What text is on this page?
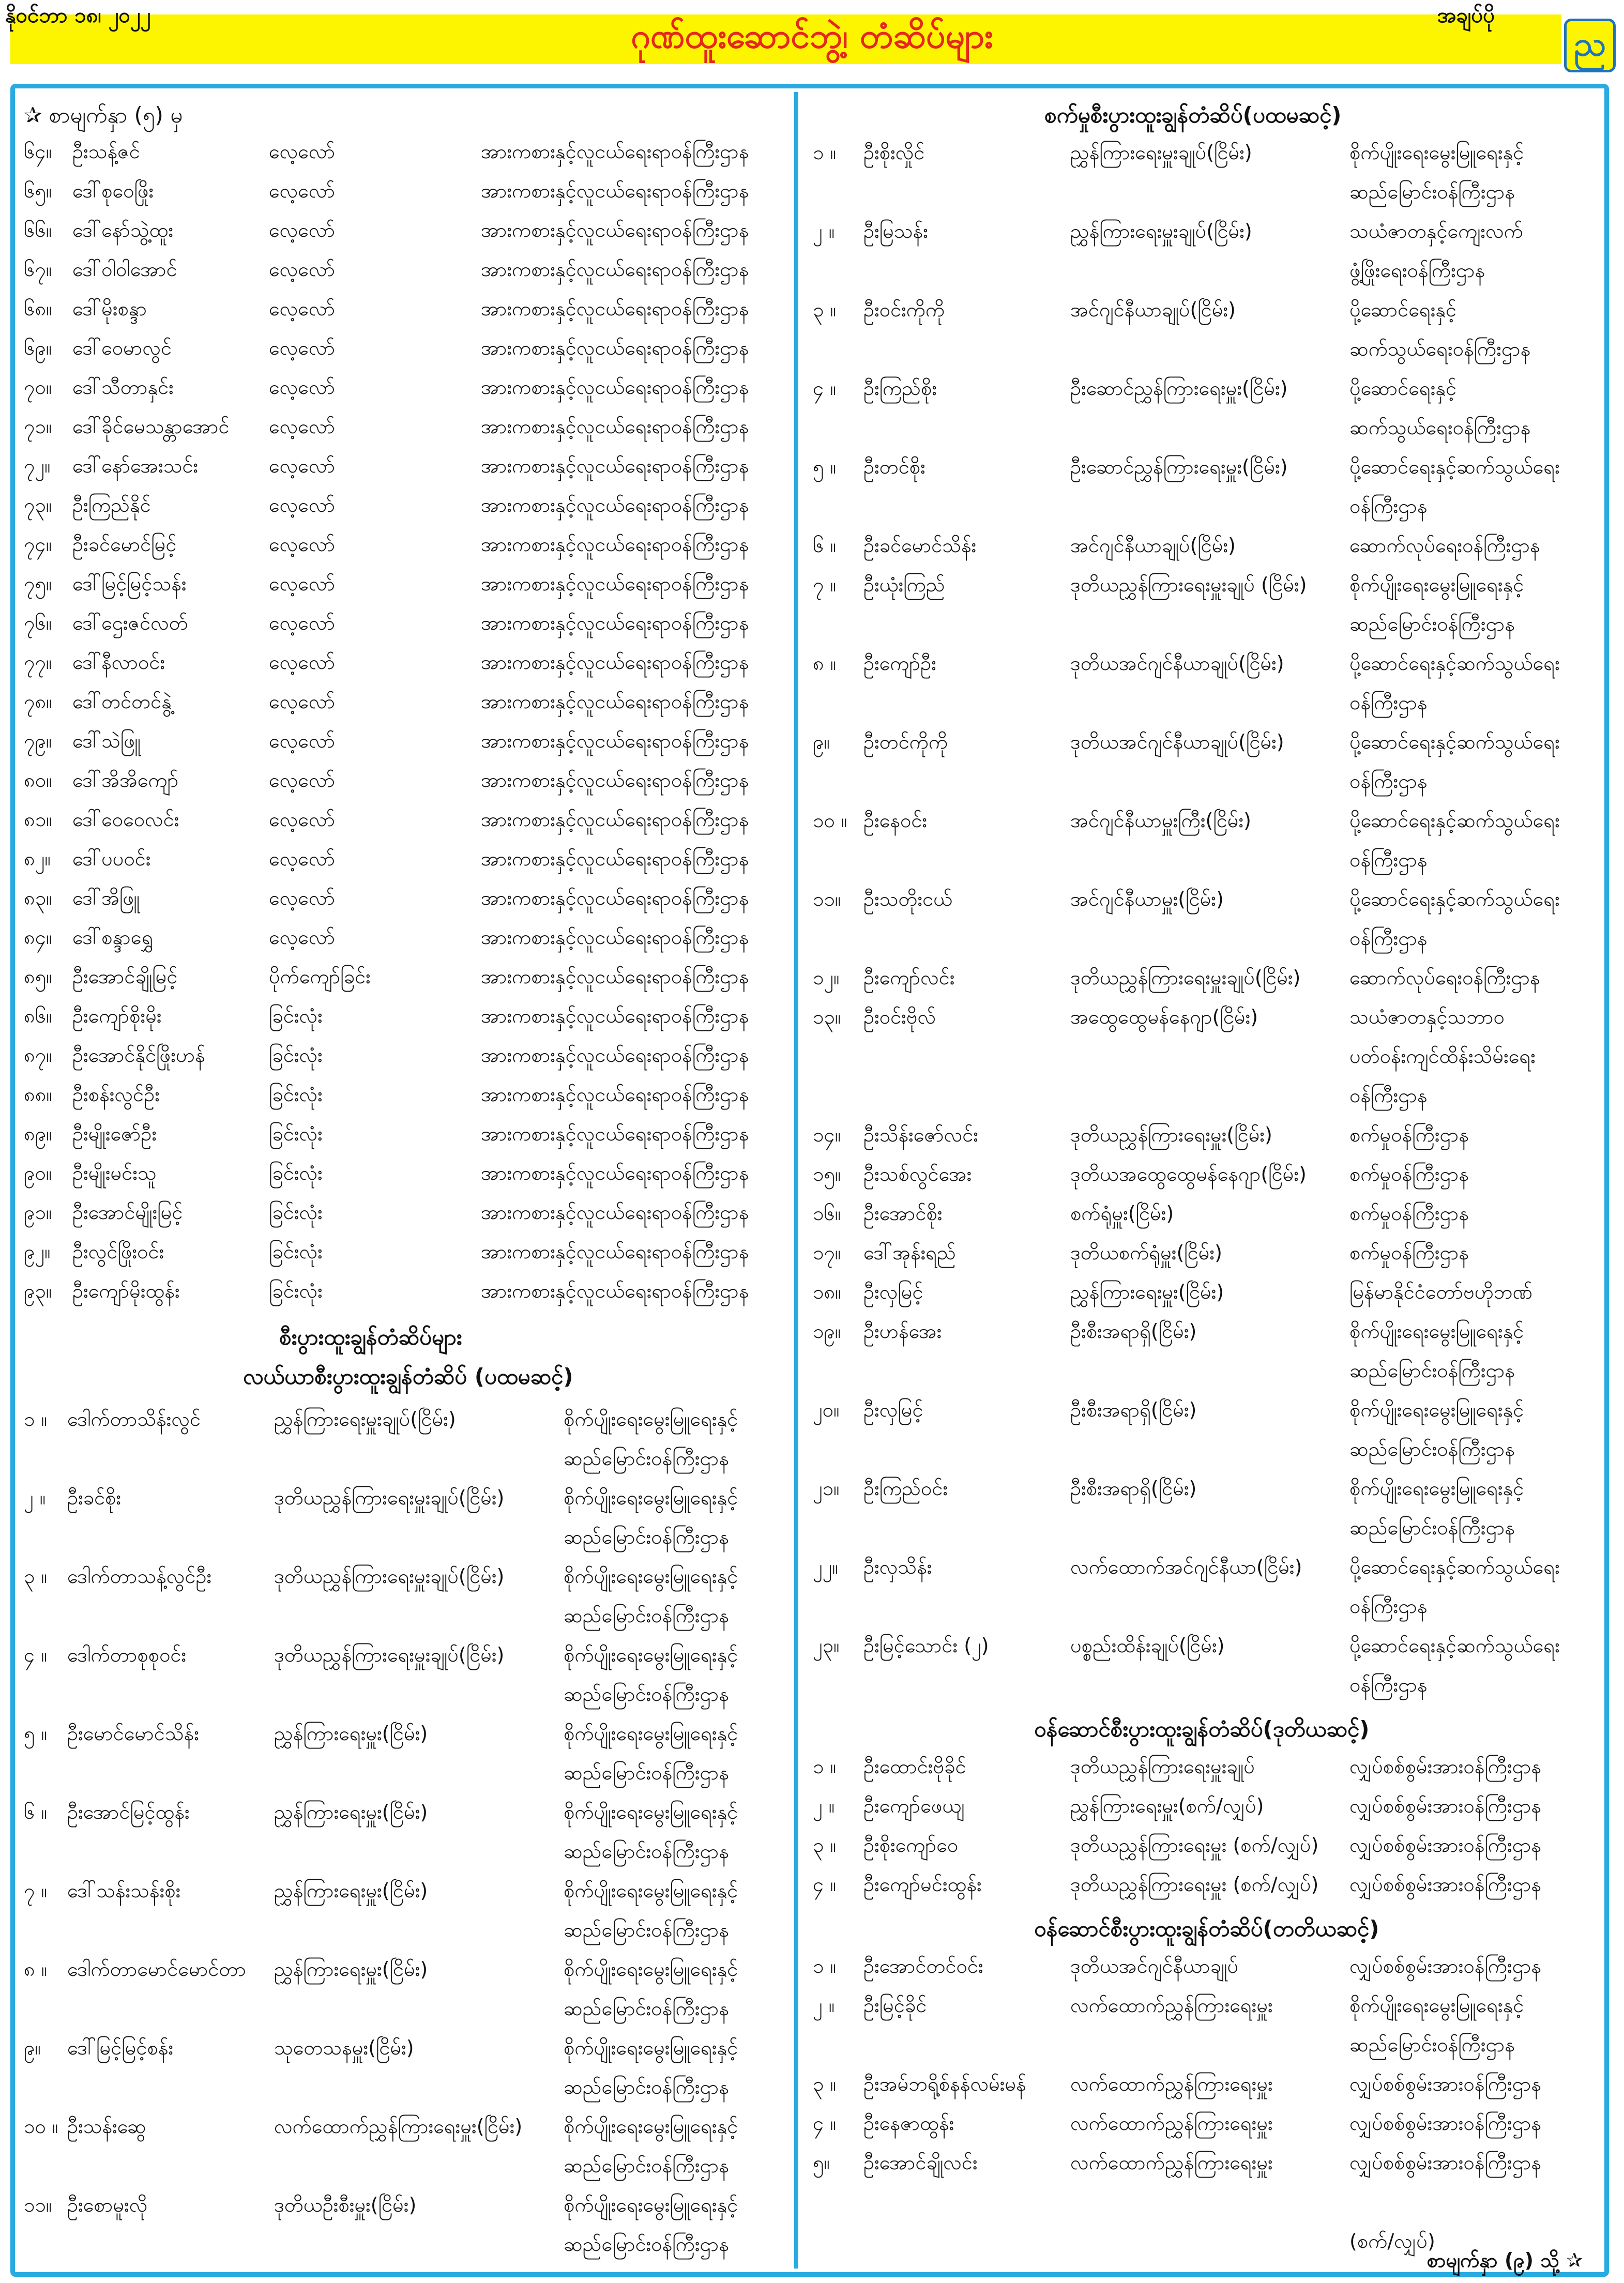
နိုဝင်ဘာ ၁၈၊ ၂၀၂၂
ဂုဏ်ထူးဆောင်ဘွဲ့၊ တံဆိပ်များ
အချပ်ပို
ည
✰ စာမျက်နှာ (၅) မှ
၆၄။ ဦးသန့်ဇင်	လေ့လော်	အားကစားနှင့်လူငယ်ရေးရာဝန်ကြီးဌာန
၆၅။ ဒေါ်စုဝေဖြိုး	လေ့လော်	အားကစားနှင့်လူငယ်ရေးရာဝန်ကြီးဌာန
၆၆။ ဒေါ်နော်သွဲ့ထူး	လေ့လော်	အားကစားနှင့်လူငယ်ရေးရာဝန်ကြီးဌာန
၆၇။ ဒေါ်ဝါဝါအောင်	လေ့လော်	အားကစားနှင့်လူငယ်ရေးရာဝန်ကြီးဌာန
၆၈။ ဒေါ်မိုးစန္ဒာ	လေ့လော်	အားကစားနှင့်လူငယ်ရေးရာဝန်ကြီးဌာန
၆၉။ ဒေါ်ဝေမာလွင်	လေ့လော်	အားကစားနှင့်လူငယ်ရေးရာဝန်ကြီးဌာန
၇၀။ ဒေါ်သီတာနှင်း	လေ့လော်	အားကစားနှင့်လူငယ်ရေးရာဝန်ကြီးဌာန
၇၁။ ဒေါ်ခိုင်မေသန္တာအောင် လေ့လော်	အားကစားနှင့်လူငယ်ရေးရာဝန်ကြီးဌာန
၇၂။ ဒေါ်နော်အေးသင်း	လေ့လော်	အားကစားနှင့်လူငယ်ရေးရာဝန်ကြီးဌာန
၇၃။ ဦးကြည်နိုင်	လေ့လော်	အားကစားနှင့်လူငယ်ရေးရာဝန်ကြီးဌာန
၇၄။ ဦးခင်မောင်မြင့်	လေ့လော်	အားကစားနှင့်လူငယ်ရေးရာဝန်ကြီးဌာန
၇၅။ ဒေါ်မြင့်မြင့်သန်း	လေ့လော်	အားကစားနှင့်လူငယ်ရေးရာဝန်ကြီးဌာန
၇၆။ ဒေါ်ဌေးဇင်လတ်	လေ့လော်	အားကစားနှင့်လူငယ်ရေးရာဝန်ကြီးဌာန
၇၇။ ဒေါ်နီလာဝင်း	လေ့လော်	အားကစားနှင့်လူငယ်ရေးရာဝန်ကြီးဌာန
၇၈။ ဒေါ်တင်တင်နွဲ့	လေ့လော်	အားကစားနှင့်လူငယ်ရေးရာဝန်ကြီးဌာန
၇၉။ ဒေါ်သဲဖြူ	လေ့လော်	အားကစားနှင့်လူငယ်ရေးရာဝန်ကြီးဌာန
၈၀။ ဒေါ်အိအိကျော်	လေ့လော်	အားကစားနှင့်လူငယ်ရေးရာဝန်ကြီးဌာန
၈၁။ ဒေါ်ဝေဝေလင်း	လေ့လော်	အားကစားနှင့်လူငယ်ရေးရာဝန်ကြီးဌာန
၈၂။ ဒေါ်ပပဝင်း	လေ့လော်	အားကစားနှင့်လူငယ်ရေးရာဝန်ကြီးဌာန
၈၃။ ဒေါ်အိဖြူ	လေ့လော်	အားကစားနှင့်လူငယ်ရေးရာဝန်ကြီးဌာန
၈၄။ ဒေါ်စန္ဒာရွှေ	လေ့လော်	အားကစားနှင့်လူငယ်ရေးရာဝန်ကြီးဌာန
၈၅။ ဦးအောင်ချိုမြင့်	ပိုက်ကျော်ခြင်း	အားကစားနှင့်လူငယ်ရေးရာဝန်ကြီးဌာန
၈၆။ ဦးကျော်စိုးမိုး	ခြင်းလုံး	အားကစားနှင့်လူငယ်ရေးရာဝန်ကြီးဌာန
၈၇။ ဦးအောင်နိုင်ဖြိုးဟန်	ခြင်းလုံး	အားကစားနှင့်လူငယ်ရေးရာဝန်ကြီးဌာန
၈၈။ ဦးစန်းလွင်ဦး	ခြင်းလုံး	အားကစားနှင့်လူငယ်ရေးရာဝန်ကြီးဌာန
၈၉။ ဦးမျိုးဇော်ဦး	ခြင်းလုံး	အားကစားနှင့်လူငယ်ရေးရာဝန်ကြီးဌာန
၉၀။ ဦးမျိုးမင်းသူ	ခြင်းလုံး	အားကစားနှင့်လူငယ်ရေးရာဝန်ကြီးဌာန
၉၁။ ဦးအောင်မျိုးမြင့်	ခြင်းလုံး	အားကစားနှင့်လူငယ်ရေးရာဝန်ကြီးဌာန
၉၂။ ဦးလွင်ဖြိုးဝင်း	ခြင်းလုံး	အားကစားနှင့်လူငယ်ရေးရာဝန်ကြီးဌာန
၉၃။ ဦးကျော်မိုးထွန်း	ခြင်းလုံး	အားကစားနှင့်လူငယ်ရေးရာဝန်ကြီးဌာန
စီးပွားထူးချွန်တံဆိပ်များ
လယ်ယာစီးပွားထူးချွန်တံဆိပ် (ပထမဆင့်)
၁ ။ ဒေါက်တာသိန်းလွင်	ညွှန်ကြားရေးမှူးချုပ်(ငြိမ်း)	စိုက်ပျိုးရေးမွေးမြူရေးနှင့်
ဆည်မြောင်းဝန်ကြီးဌာန
၂ ။ ဦးခင်စိုး	ဒုတိယညွှန်ကြားရေးမှူးချုပ်(ငြိမ်း)	စိုက်ပျိုးရေးမွေးမြူရေးနှင့်
ဆည်မြောင်းဝန်ကြီးဌာန
၃ ။ ဒေါက်တာသန့်လွင်ဦး	ဒုတိယညွှန်ကြားရေးမှူးချုပ်(ငြိမ်း)	စိုက်ပျိုးရေးမွေးမြူရေးနှင့်
ဆည်မြောင်းဝန်ကြီးဌာန
၄ ။ ဒေါက်တာစုစုဝင်း	ဒုတိယညွှန်ကြားရေးမှူးချုပ်(ငြိမ်း)	စိုက်ပျိုးရေးမွေးမြူရေးနှင့်
ဆည်မြောင်းဝန်ကြီးဌာန
၅ ။ ဦးမောင်မောင်သိန်း	ညွှန်ကြားရေးမှူး(ငြိမ်း)	စိုက်ပျိုးရေးမွေးမြူရေးနှင့်
ဆည်မြောင်းဝန်ကြီးဌာန
၆ ။ ဦးအောင်မြင့်ထွန်း	ညွှန်ကြားရေးမှူး(ငြိမ်း)	စိုက်ပျိုးရေးမွေးမြူရေးနှင့်
ဆည်မြောင်းဝန်ကြီးဌာန
၇ ။ ဒေါ်သန်းသန်းစိုး	ညွှန်ကြားရေးမှူး(ငြိမ်း)	စိုက်ပျိုးရေးမွေးမြူရေးနှင့်
ဆည်မြောင်းဝန်ကြီးဌာန
၈ ။ ဒေါက်တာမောင်မောင်တာ ညွှန်ကြားရေးမှူး(ငြိမ်း)	စိုက်ပျိုးရေးမွေးမြူရေးနှင့်
ဆည်မြောင်းဝန်ကြီးဌာန
၉။ ဒေါ်မြင့်မြင့်စန်း	သုတေသနမှူး(ငြိမ်း)	စိုက်ပျိုးရေးမွေးမြူရေးနှင့်
ဆည်မြောင်းဝန်ကြီးဌာန
၁၀ ။ ဦးသန်းဆွေ	လက်ထောက်ညွှန်ကြားရေးမှူး(ငြိမ်း) စိုက်ပျိုးရေးမွေးမြူရေးနှင့်
ဆည်မြောင်းဝန်ကြီးဌာန
၁၁။ ဦးစောမူးလို	ဒုတိယဦးစီးမှူး(ငြိမ်း)	စိုက်ပျိုးရေးမွေးမြူရေးနှင့်
ဆည်မြောင်းဝန်ကြီးဌာန
စက်မှုစီးပွားထူးချွန်တံဆိပ်(ပထမဆင့်)
၁ ။ ဦးစိုးလှိုင်	ညွှန်ကြားရေးမှူးချုပ်(ငြိမ်း)	စိုက်ပျိုးရေးမွေးမြူရေးနှင့်
ဆည်မြောင်းဝန်ကြီးဌာန
၂ ။ ဦးမြသန်း	ညွှန်ကြားရေးမှူးချုပ်(ငြိမ်း)	သယံဇာတနှင့်ကျေးလက်
ဖွံ့ဖြိုးရေးဝန်ကြီးဌာန
၃ ။ ဦးဝင်းကိုကို	အင်ဂျင်နီယာချုပ်(ငြိမ်း)	ပို့ဆောင်ရေးနှင့်
ဆက်သွယ်ရေးဝန်ကြီးဌာန
၄ ။ ဦးကြည်စိုး	ဦးဆောင်ညွှန်ကြားရေးမှူး(ငြိမ်း)	ပို့ဆောင်ရေးနှင့်
ဆက်သွယ်ရေးဝန်ကြီးဌာန
၅ ။ ဦးတင်စိုး	ဦးဆောင်ညွှန်ကြားရေးမှူး(ငြိမ်း)	ပို့ဆောင်ရေးနှင့်ဆက်သွယ်ရေး
ဝန်ကြီးဌာန
၆ ။ ဦးခင်မောင်သိန်း	အင်ဂျင်နီယာချုပ်(ငြိမ်း)	ဆောက်လုပ်ရေးဝန်ကြီးဌာန
၇ ။ ဦးယုံးကြည်	ဒုတိယညွှန်ကြားရေးမှူးချုပ် (ငြိမ်း) စိုက်ပျိုးရေးမွေးမြူရေးနှင့်
ဆည်မြောင်းဝန်ကြီးဌာန
၈ ။ ဦးကျော်ဦး	ဒုတိယအင်ဂျင်နီယာချုပ်(ငြိမ်း)	ပို့ဆောင်ရေးနှင့်ဆက်သွယ်ရေး
ဝန်ကြီးဌာန
၉။ ဦးတင်ကိုကို	ဒုတိယအင်ဂျင်နီယာချုပ်(ငြိမ်း)	ပို့ဆောင်ရေးနှင့်ဆက်သွယ်ရေး
ဝန်ကြီးဌာန
၁၀ ။ ဦးနေဝင်း	အင်ဂျင်နီယာမှူးကြီး(ငြိမ်း)	ပို့ဆောင်ရေးနှင့်ဆက်သွယ်ရေး
ဝန်ကြီးဌာန
၁၁။ ဦးသတိုးငယ်	အင်ဂျင်နီယာမှူး(ငြိမ်း)	ပို့ဆောင်ရေးနှင့်ဆက်သွယ်ရေး
ဝန်ကြီးဌာန
၁၂။ ဦးကျော်လင်း	ဒုတိယညွှန်ကြားရေးမှူးချုပ်(ငြိမ်း) ဆောက်လုပ်ရေးဝန်ကြီးဌာန
၁၃။ ဦးဝင်းဗိုလ်	အထွေထွေမန်နေဂျာ(ငြိမ်း)	သယံဇာတနှင့်သဘာဝ
ပတ်ဝန်းကျင်ထိန်းသိမ်းရေး
ဝန်ကြီးဌာန
၁၄။ ဦးသိန်းဇော်လင်း	ဒုတိယညွှန်ကြားရေးမှူး(ငြိမ်း)	စက်မှုဝန်ကြီးဌာန
၁၅။ ဦးသစ်လွင်အေး	ဒုတိယအထွေထွေမန်နေဂျာ(ငြိမ်း) စက်မှုဝန်ကြီးဌာန
၁၆။ ဦးအောင်စိုး	စက်ရုံမှူး(ငြိမ်း)	စက်မှုဝန်ကြီးဌာန
၁၇။ ဒေါ်အုန်းရည်	ဒုတိယစက်ရုံမှူး(ငြိမ်း)	စက်မှုဝန်ကြီးဌာန
၁၈။ ဦးလှမြင့်	ညွှန်ကြားရေးမှူး(ငြိမ်း)	မြန်မာနိုင်ငံတော်ဗဟိုဘဏ်
၁၉။ ဦးဟန်အေး	ဦးစီးအရာရှိ(ငြိမ်း)	စိုက်ပျိုးရေးမွေးမြူရေးနှင့်
ဆည်မြောင်းဝန်ကြီးဌာန
၂၀။ ဦးလှမြင့်	ဦးစီးအရာရှိ(ငြိမ်း)	စိုက်ပျိုးရေးမွေးမြူရေးနှင့်
ဆည်မြောင်းဝန်ကြီးဌာန
၂၁။ ဦးကြည်ဝင်း	ဦးစီးအရာရှိ(ငြိမ်း)	စိုက်ပျိုးရေးမွေးမြူရေးနှင့်
ဆည်မြောင်းဝန်ကြီးဌာန
၂၂။ ဦးလှသိန်း	လက်ထောက်အင်ဂျင်နီယာ(ငြိမ်း) ပို့ဆောင်ရေးနှင့်ဆက်သွယ်ရေး
ဝန်ကြီးဌာန
၂၃။ ဦးမြင့်သောင်း (၂)	ပစ္စည်းထိန်းချုပ်(ငြိမ်း)	ပို့ဆောင်ရေးနှင့်ဆက်သွယ်ရေး
ဝန်ကြီးဌာန
ဝန်ဆောင်စီးပွားထူးချွန်တံဆိပ်(ဒုတိယဆင့်)
၁ ။ ဦးထောင်းဗိုခိုင်	ဒုတိယညွှန်ကြားရေးမှူးချုပ်	လျှပ်စစ်စွမ်းအားဝန်ကြီးဌာန
၂ ။ ဦးကျော်ဖေယျ	ညွှန်ကြားရေးမှူး(စက်/လျှပ်)	လျှပ်စစ်စွမ်းအားဝန်ကြီးဌာန
၃ ။ ဦးစိုးကျော်ဝေ	ဒုတိယညွှန်ကြားရေးမှူး (စက်/လျှပ်) လျှပ်စစ်စွမ်းအားဝန်ကြီးဌာန
၄ ။ ဦးကျော်မင်းထွန်း	ဒုတိယညွှန်ကြားရေးမှူး (စက်/လျှပ်) လျှပ်စစ်စွမ်းအားဝန်ကြီးဌာန
ဝန်ဆောင်စီးပွားထူးချွန်တံဆိပ်(တတိယဆင့်)
၁ ။ ဦးအောင်တင်ဝင်း	ဒုတိယအင်ဂျင်နီယာချုပ်	လျှပ်စစ်စွမ်းအားဝန်ကြီးဌာန
၂ ။ ဦးမြင့်ခိုင်	လက်ထောက်ညွှန်ကြားရေးမှူး	စိုက်ပျိုးရေးမွေးမြူရေးနှင့်
ဆည်မြောင်းဝန်ကြီးဌာန
၃ ။ ဦးအမ်ဘရို့စ်နန်လမ်းမန် လက်ထောက်ညွှန်ကြားရေးမှူး	လျှပ်စစ်စွမ်းအားဝန်ကြီးဌာန
၄ ။ ဦးနေဇာထွန်း	လက်ထောက်ညွှန်ကြားရေးမှူး	လျှပ်စစ်စွမ်းအားဝန်ကြီးဌာန
၅။ ဦးအောင်ချိုလင်း	လက်ထောက်ညွှန်ကြားရေးမှူး	လျှပ်စစ်စွမ်းအားဝန်ကြီးဌာန
(စက်/လျှပ်)
စာမျက်နှာ (၉) သို့ ✰
